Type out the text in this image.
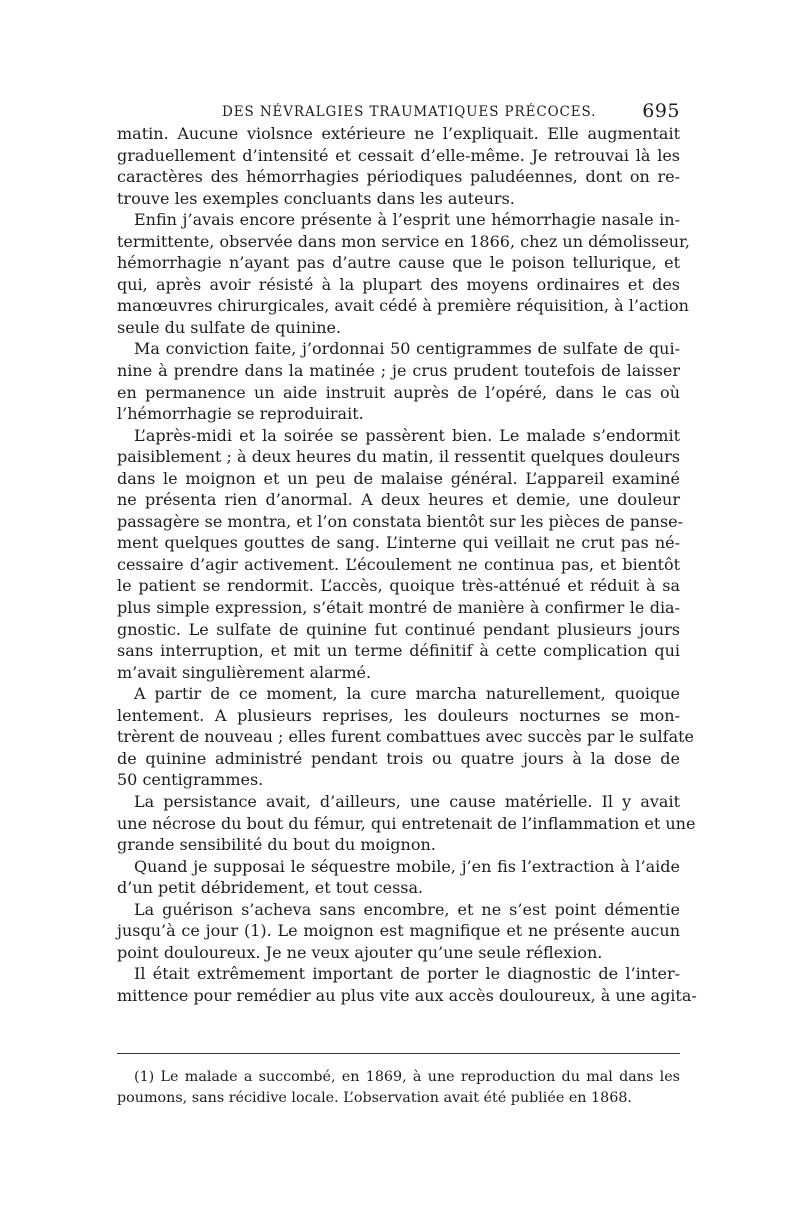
DES NÉVRALGIES TRAUMATIQUES PRÉCOCES. 695
matin. Aucune violsnce extérieure ne l’expliquait. Elle augmentait
graduellement d’intensité et cessait d’elle-même. Je retrouvai là les
caractères des hémorrhagies périodiques paludéennes, dont on re-
trouve les exemples concluants dans les auteurs.
Enfin j’avais encore présente à l’esprit une hémorrhagie nasale in-
termittente, observée dans mon service en 1866, chez un démolisseur,
hémorrhagie n’ayant pas d’autre cause que le poison tellurique, et
qui, après avoir résisté à la plupart des moyens ordinaires et des
manœuvres chirurgicales, avait cédé à première réquisition, à l’action
seule du sulfate de quinine.
Ma conviction faite, j’ordonnai 50 centigrammes de sulfate de qui-
nine à prendre dans la matinée ; je crus prudent toutefois de laisser
en permanence un aide instruit auprès de l’opéré, dans le cas où
l’hémorrhagie se reproduirait.
L’après-midi et la soirée se passèrent bien. Le malade s’endormit
paisiblement ; à deux heures du matin, il ressentit quelques douleurs
dans le moignon et un peu de malaise général. L’appareil examiné
ne présenta rien d’anormal. A deux heures et demie, une douleur
passagère se montra, et l’on constata bientôt sur les pièces de panse-
ment quelques gouttes de sang. L’interne qui veillait ne crut pas né-
cessaire d’agir activement. L’écoulement ne continua pas, et bientôt
le patient se rendormit. L’accès, quoique très-atténué et réduit à sa
plus simple expression, s’était montré de manière à confirmer le dia-
gnostic. Le sulfate de quinine fut continué pendant plusieurs jours
sans interruption, et mit un terme définitif à cette complication qui
m’avait singulièrement alarmé.
A partir de ce moment, la cure marcha naturellement, quoique
lentement. A plusieurs reprises, les douleurs nocturnes se mon-
trèrent de nouveau ; elles furent combattues avec succès par le sulfate
de quinine administré pendant trois ou quatre jours à la dose de
50 centigrammes.
La persistance avait, d’ailleurs, une cause matérielle. Il y avait
une nécrose du bout du fémur, qui entretenait de l’inflammation et une
grande sensibilité du bout du moignon.
Quand je supposai le séquestre mobile, j’en fis l’extraction à l’aide
d’un petit débridement, et tout cessa.
La guérison s’acheva sans encombre, et ne s’est point démentie
jusqu’à ce jour (1). Le moignon est magnifique et ne présente aucun
point douloureux. Je ne veux ajouter qu’une seule réflexion.
Il était extrêmement important de porter le diagnostic de l’inter-
mittence pour remédier au plus vite aux accès douloureux, à une agita-
(1) Le malade a succombé, en 1869, à une reproduction du mal dans les
poumons, sans récidive locale. L’observation avait été publiée en 1868.
